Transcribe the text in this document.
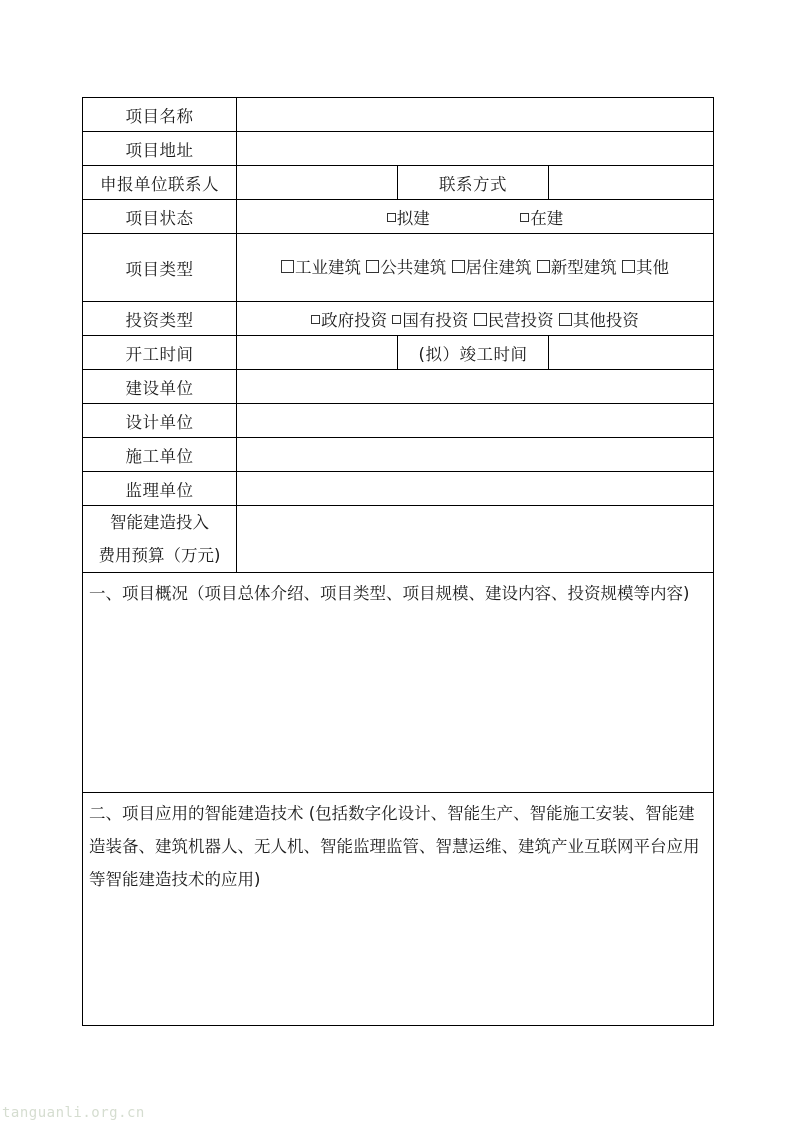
项目名称			
项目地址			
申报单位联系人		联系方式	
项目状态	拟建 在建		
项目类型	工业建筑 公共建筑 居住建筑 新型建筑 其他		
投资类型	政府投资 国有投资 民营投资 其他投资		
开工时间		(拟）竣工时间	
建设单位			
设计单位			
施工单位			
监理单位			

智能建造投入
费用预算（万元)			

一、项目概况（项目总体介绍、项目类型、项目规模、建设内容、投资规模等内容)			

二、项目应用的智能建造技术 (包括数字化设计、智能生产、智能施工安装、智能建造装备、建筑机器人、无人机、智能监理监管、智慧运维、建筑产业互联网平台应用等智能建造技术的应用)			
tanguanli.org.cn
